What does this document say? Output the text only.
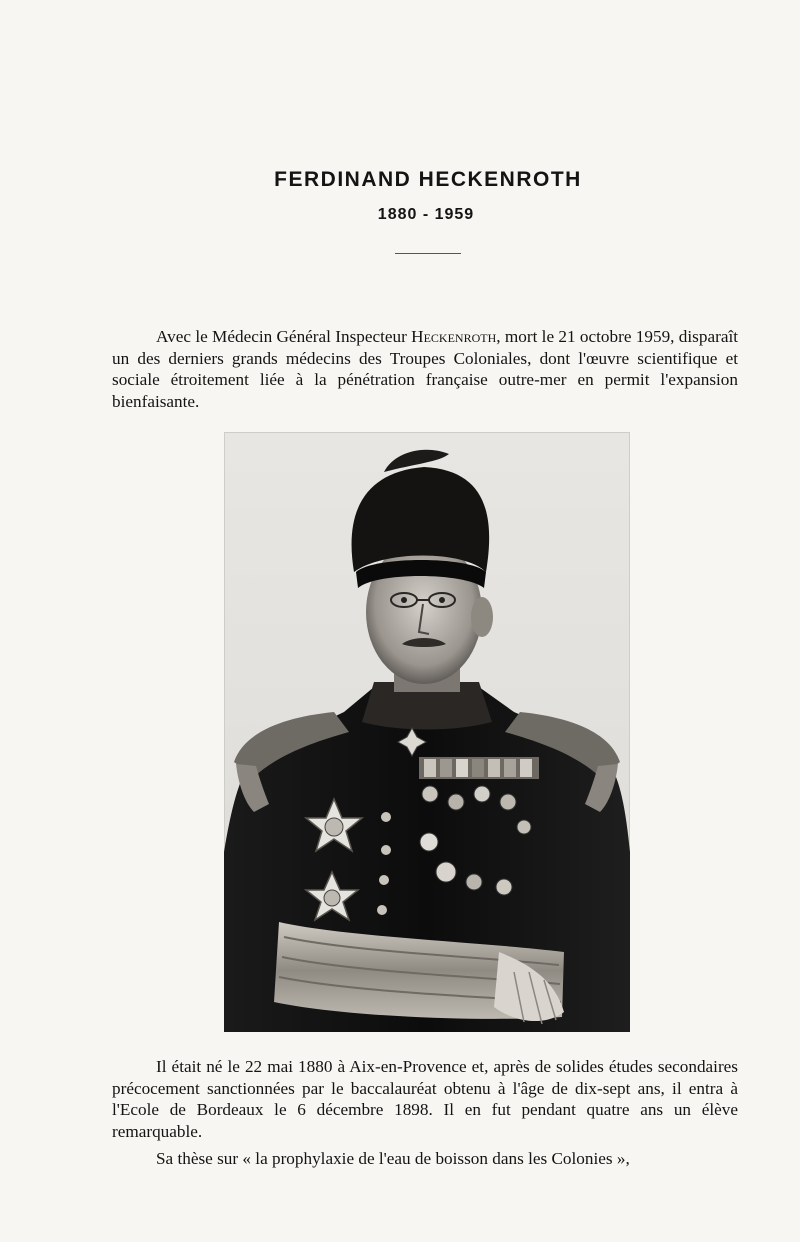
FERDINAND HECKENROTH
1880 - 1959

Avec le Médecin Général Inspecteur Heckenroth, mort le 21 octobre 1959, disparaît un des derniers grands médecins des Troupes Coloniales, dont l'œuvre scientifique et sociale étroitement liée à la pénétration française outre-mer en permit l'expansion bienfaisante.

Il était né le 22 mai 1880 à Aix-en-Provence et, après de solides études secondaires précocement sanctionnées par le baccalauréat obtenu à l'âge de dix-sept ans, il entra à l'Ecole de Bordeaux le 6 décembre 1898. Il en fut pendant quatre ans un élève remarquable.

Sa thèse sur « la prophylaxie de l'eau de boisson dans les Colonies »,
